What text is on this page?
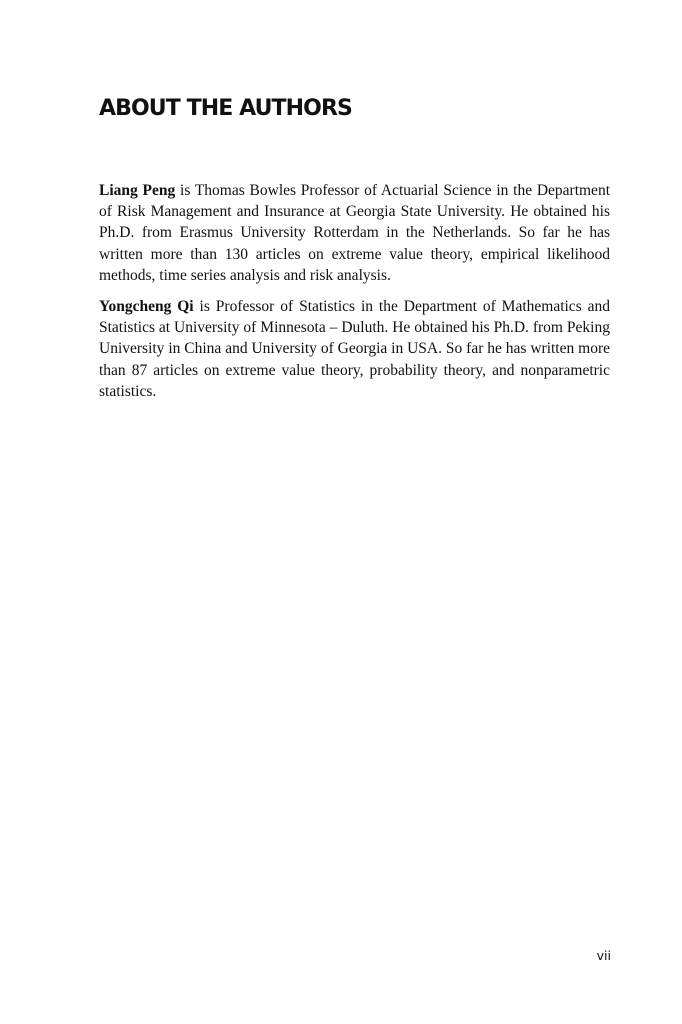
ABOUT THE AUTHORS

Liang Peng is Thomas Bowles Professor of Actuarial Science in the Department of Risk Management and Insurance at Georgia State University. He obtained his Ph.D. from Erasmus University Rotterdam in the Netherlands. So far he has written more than 130 articles on extreme value theory, empirical likelihood methods, time series analysis and risk analysis.

Yongcheng Qi is Professor of Statistics in the Department of Mathematics and Statistics at University of Minnesota – Duluth. He obtained his Ph.D. from Peking University in China and University of Georgia in USA. So far he has written more than 87 articles on extreme value theory, probability theory, and nonparametric statistics.

vii
